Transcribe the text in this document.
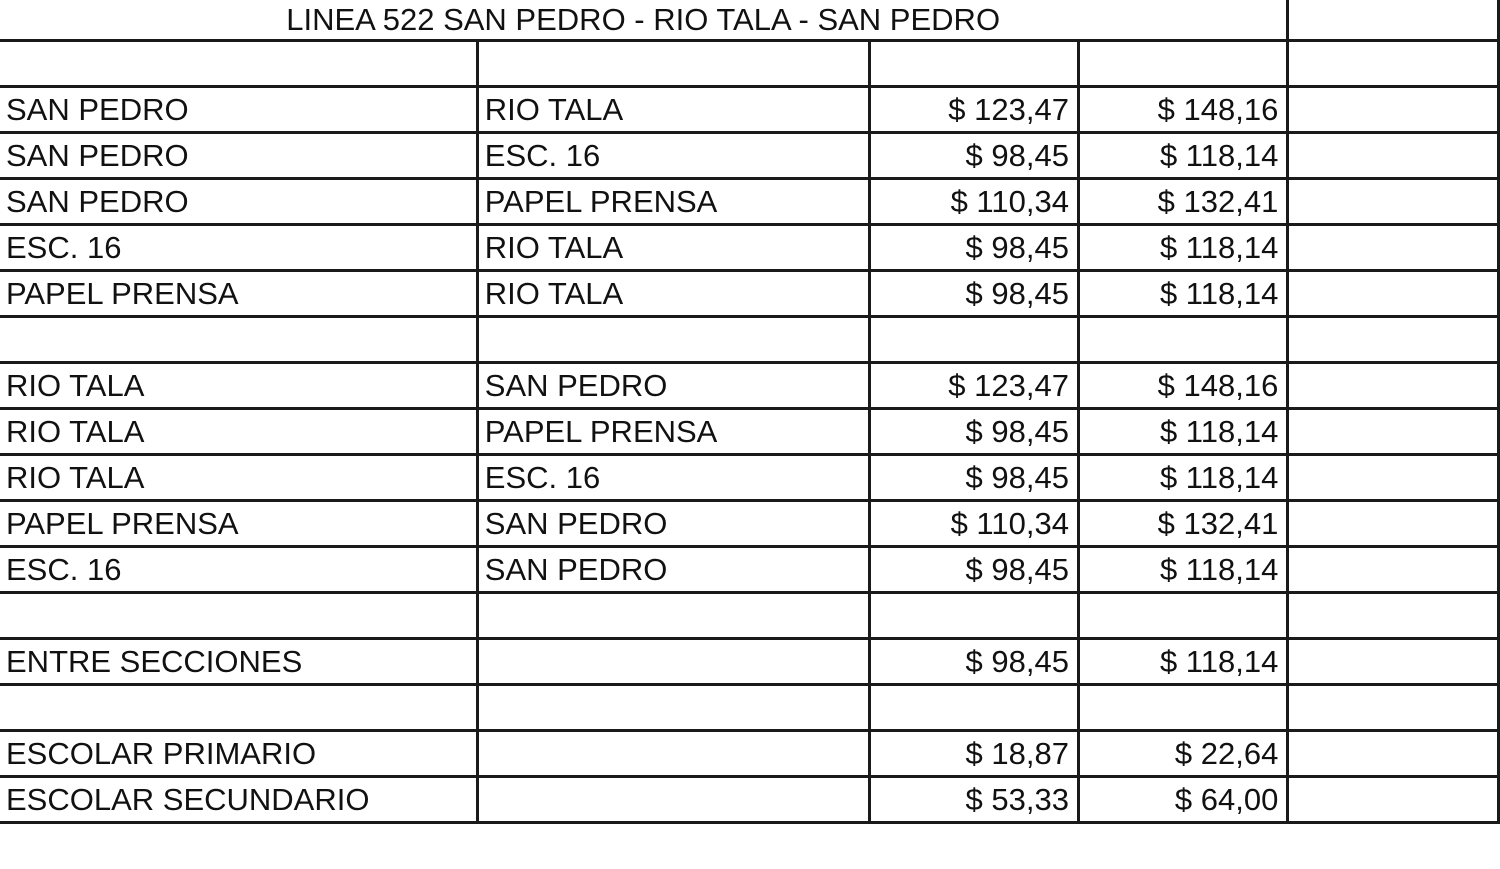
LINEA 522 SAN PEDRO - RIO TALA - SAN PEDRO				

SAN PEDRO	RIO TALA	$ 123,47	$ 148,16	
SAN PEDRO	ESC. 16	$ 98,45	$ 118,14	
SAN PEDRO	PAPEL PRENSA	$ 110,34	$ 132,41	
ESC. 16	RIO TALA	$ 98,45	$ 118,14	
PAPEL PRENSA	RIO TALA	$ 98,45	$ 118,14	

RIO TALA	SAN PEDRO	$ 123,47	$ 148,16	
RIO TALA	PAPEL PRENSA	$ 98,45	$ 118,14	
RIO TALA	ESC. 16	$ 98,45	$ 118,14	
PAPEL PRENSA	SAN PEDRO	$ 110,34	$ 132,41	
ESC. 16	SAN PEDRO	$ 98,45	$ 118,14	

ENTRE SECCIONES		$ 98,45	$ 118,14	

ESCOLAR PRIMARIO		$ 18,87	$ 22,64	
ESCOLAR SECUNDARIO		$ 53,33	$ 64,00	
